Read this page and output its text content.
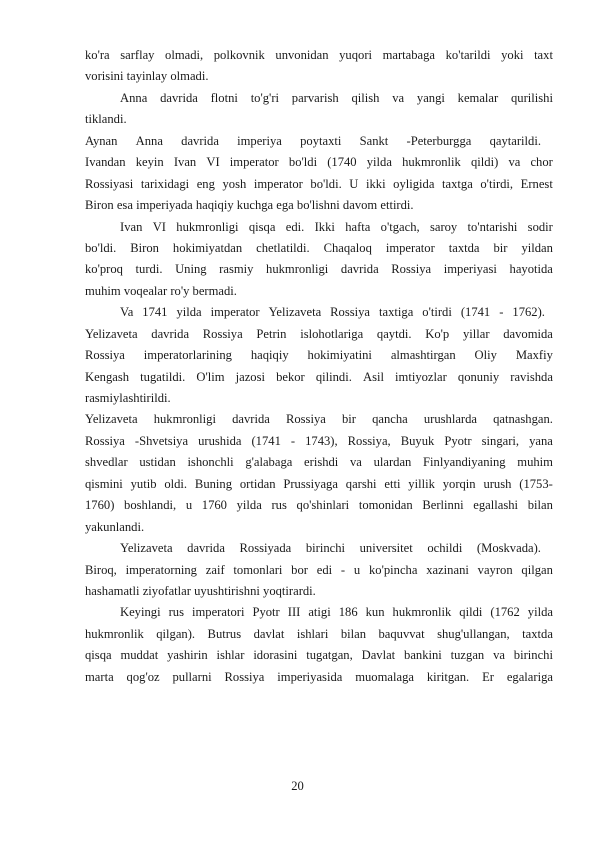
ko'ra sarflay olmadi, polkovnik unvonidan yuqori martabaga ko'tarildi yoki taxt
vorisini tayinlay olmadi.
Anna davrida flotni to'g'ri parvarish qilish va yangi kemalar qurilishi
tiklandi.
Aynan Anna davrida imperiya poytaxti Sankt -Peterburgga qaytarildi.
Ivandan keyin Ivan VI imperator bo'ldi (1740 yilda hukmronlik qildi) va chor
Rossiyasi tarixidagi eng yosh imperator bo'ldi. U ikki oyligida taxtga o'tirdi, Ernest
Biron esa imperiyada haqiqiy kuchga ega bo'lishni davom ettirdi.
Ivan VI hukmronligi qisqa edi. Ikki hafta o'tgach, saroy to'ntarishi sodir
bo'ldi. Biron hokimiyatdan chetlatildi. Chaqaloq imperator taxtda bir yildan
ko'proq turdi. Uning rasmiy hukmronligi davrida Rossiya imperiyasi hayotida
muhim voqealar ro'y bermadi.
Va 1741 yilda imperator Yelizaveta Rossiya taxtiga o'tirdi (1741 - 1762).
Yelizaveta davrida Rossiya Petrin islohotlariga qaytdi. Ko'p yillar davomida
Rossiya imperatorlarining haqiqiy hokimiyatini almashtirgan Oliy Maxfiy
Kengash tugatildi. O'lim jazosi bekor qilindi. Asil imtiyozlar qonuniy ravishda
rasmiylashtirildi.
Yelizaveta hukmronligi davrida Rossiya bir qancha urushlarda qatnashgan.
Rossiya -Shvetsiya urushida (1741 - 1743), Rossiya, Buyuk Pyotr singari, yana
shvedlar ustidan ishonchli g'alabaga erishdi va ulardan Finlyandiyaning muhim
qismini yutib oldi. Buning ortidan Prussiyaga qarshi etti yillik yorqin urush (1753-
1760) boshlandi, u 1760 yilda rus qo'shinlari tomonidan Berlinni egallashi bilan
yakunlandi.
Yelizaveta davrida Rossiyada birinchi universitet ochildi (Moskvada).
Biroq, imperatorning zaif tomonlari bor edi - u ko'pincha xazinani vayron qilgan
hashamatli ziyofatlar uyushtirishni yoqtirardi.
Keyingi rus imperatori Pyotr III atigi 186 kun hukmronlik qildi (1762 yilda
hukmronlik qilgan). Butrus davlat ishlari bilan baquvvat shug'ullangan, taxtda
qisqa muddat yashirin ishlar idorasini tugatgan, Davlat bankini tuzgan va birinchi
marta qog'oz pullarni Rossiya imperiyasida muomalaga kiritgan. Er egalariga
20
